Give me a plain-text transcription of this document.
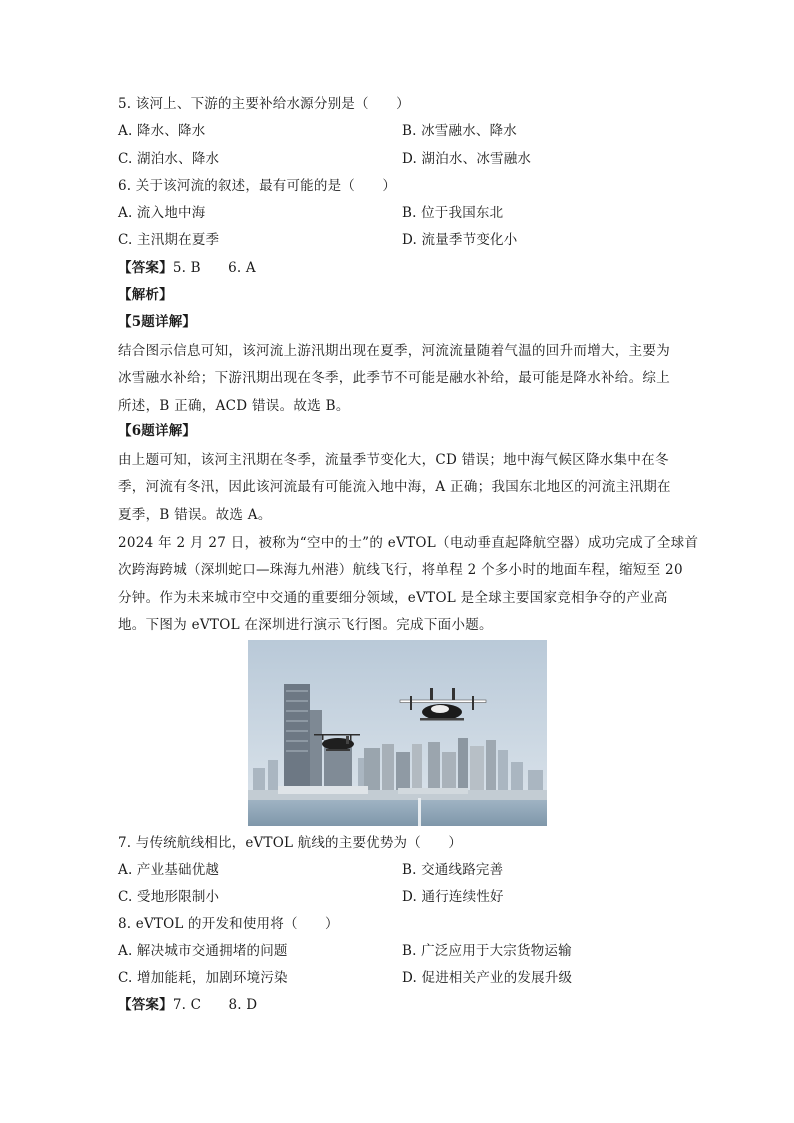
5. 该河上、下游的主要补给水源分别是（　　）
A. 降水、降水	B. 冰雪融水、降水
C. 湖泊水、降水	D. 湖泊水、冰雪融水
6. 关于该河流的叙述，最有可能的是（　　）
A. 流入地中海	B. 位于我国东北
C. 主汛期在夏季	D. 流量季节变化小
【答案】5. B　　6. A
【解析】
【5题详解】
结合图示信息可知，该河流上游汛期出现在夏季，河流流量随着气温的回升而增大，主要为
冰雪融水补给；下游汛期出现在冬季，此季节不可能是融水补给，最可能是降水补给。综上
所述，B 正确，ACD 错误。故选 B。
【6题详解】
由上题可知，该河主汛期在冬季，流量季节变化大，CD 错误；地中海气候区降水集中在冬
季，河流有冬汛，因此该河流最有可能流入地中海，A 正确；我国东北地区的河流主汛期在
夏季，B 错误。故选 A。
2024 年 2 月 27 日，被称为“空中的士”的 eVTOL（电动垂直起降航空器）成功完成了全球首
次跨海跨城（深圳蛇口—珠海九州港）航线飞行，将单程 2 个多小时的地面车程，缩短至 20
分钟。作为未来城市空中交通的重要细分领域，eVTOL 是全球主要国家竞相争夺的产业高
地。下图为 eVTOL 在深圳进行演示飞行图。完成下面小题。
7. 与传统航线相比，eVTOL 航线的主要优势为（　　）
A. 产业基础优越	B. 交通线路完善
C. 受地形限制小	D. 通行连续性好
8. eVTOL 的开发和使用将（　　）
A. 解决城市交通拥堵的问题	B. 广泛应用于大宗货物运输
C. 增加能耗，加剧环境污染	D. 促进相关产业的发展升级
【答案】7. C　　8. D
